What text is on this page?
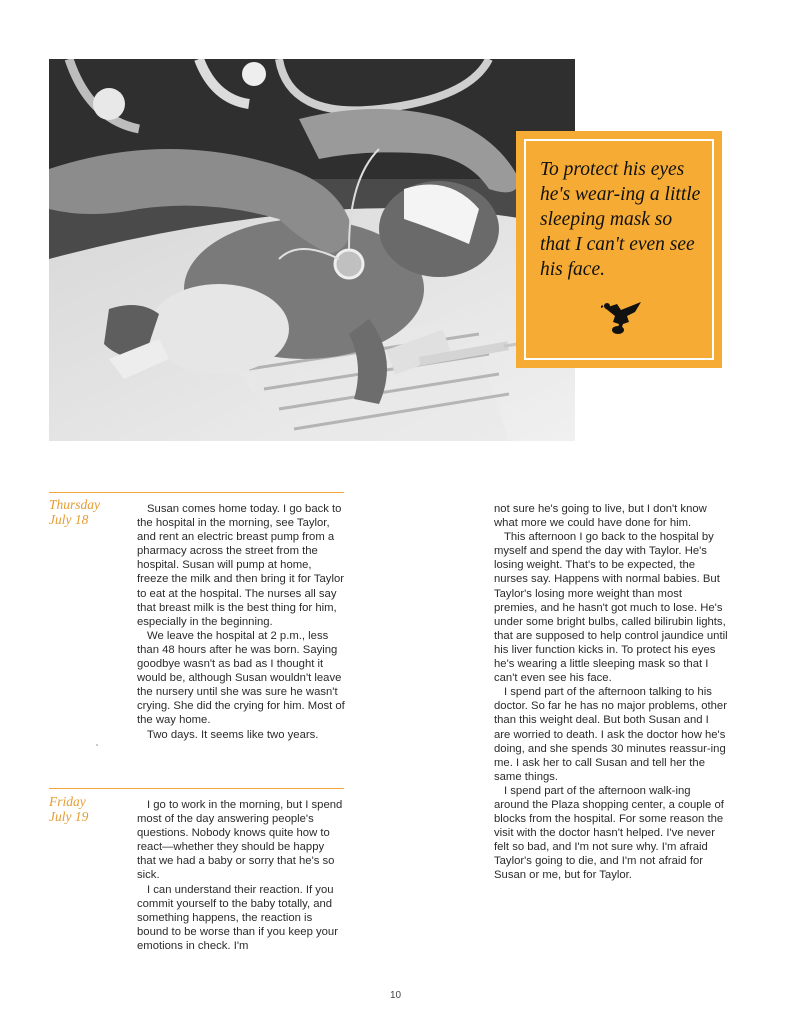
To protect his eyes he's wear-ing a little sleeping mask so that I can't even see his face.

Thursday
July 18

Susan comes home today. I go back to the hospital in the morning, see Taylor, and rent an electric breast pump from a pharmacy across the street from the hospital. Susan will pump at home, freeze the milk and then bring it for Taylor to eat at the hospital. The nurses all say that breast milk is the best thing for him, especially in the beginning.

We leave the hospital at 2 p.m., less than 48 hours after he was born. Saying goodbye wasn't as bad as I thought it would be, although Susan wouldn't leave the nursery until she was sure he wasn't crying. She did the crying for him. Most of the way home.

Two days. It seems like two years.

Friday
July 19

I go to work in the morning, but I spend most of the day answering people's questions. Nobody knows quite how to react—whether they should be happy that we had a baby or sorry that he's so sick.

I can understand their reaction. If you commit yourself to the baby totally, and something happens, the reaction is bound to be worse than if you keep your emotions in check. I'm

not sure he's going to live, but I don't know what more we could have done for him.

This afternoon I go back to the hospital by myself and spend the day with Taylor. He's losing weight. That's to be expected, the nurses say. Happens with normal babies. But Taylor's losing more weight than most premies, and he hasn't got much to lose. He's under some bright bulbs, called bilirubin lights, that are supposed to help control jaundice until his liver function kicks in. To protect his eyes he's wearing a little sleeping mask so that I can't even see his face.

I spend part of the afternoon talking to his doctor. So far he has no major problems, other than this weight deal. But both Susan and I are worried to death. I ask the doctor how he's doing, and she spends 30 minutes reassur-ing me. I ask her to call Susan and tell her the same things.

I spend part of the afternoon walk-ing around the Plaza shopping center, a couple of blocks from the hospital. For some reason the visit with the doctor hasn't helped. I've never felt so bad, and I'm not sure why. I'm afraid Taylor's going to die, and I'm not afraid for Susan or me, but for Taylor.

10
